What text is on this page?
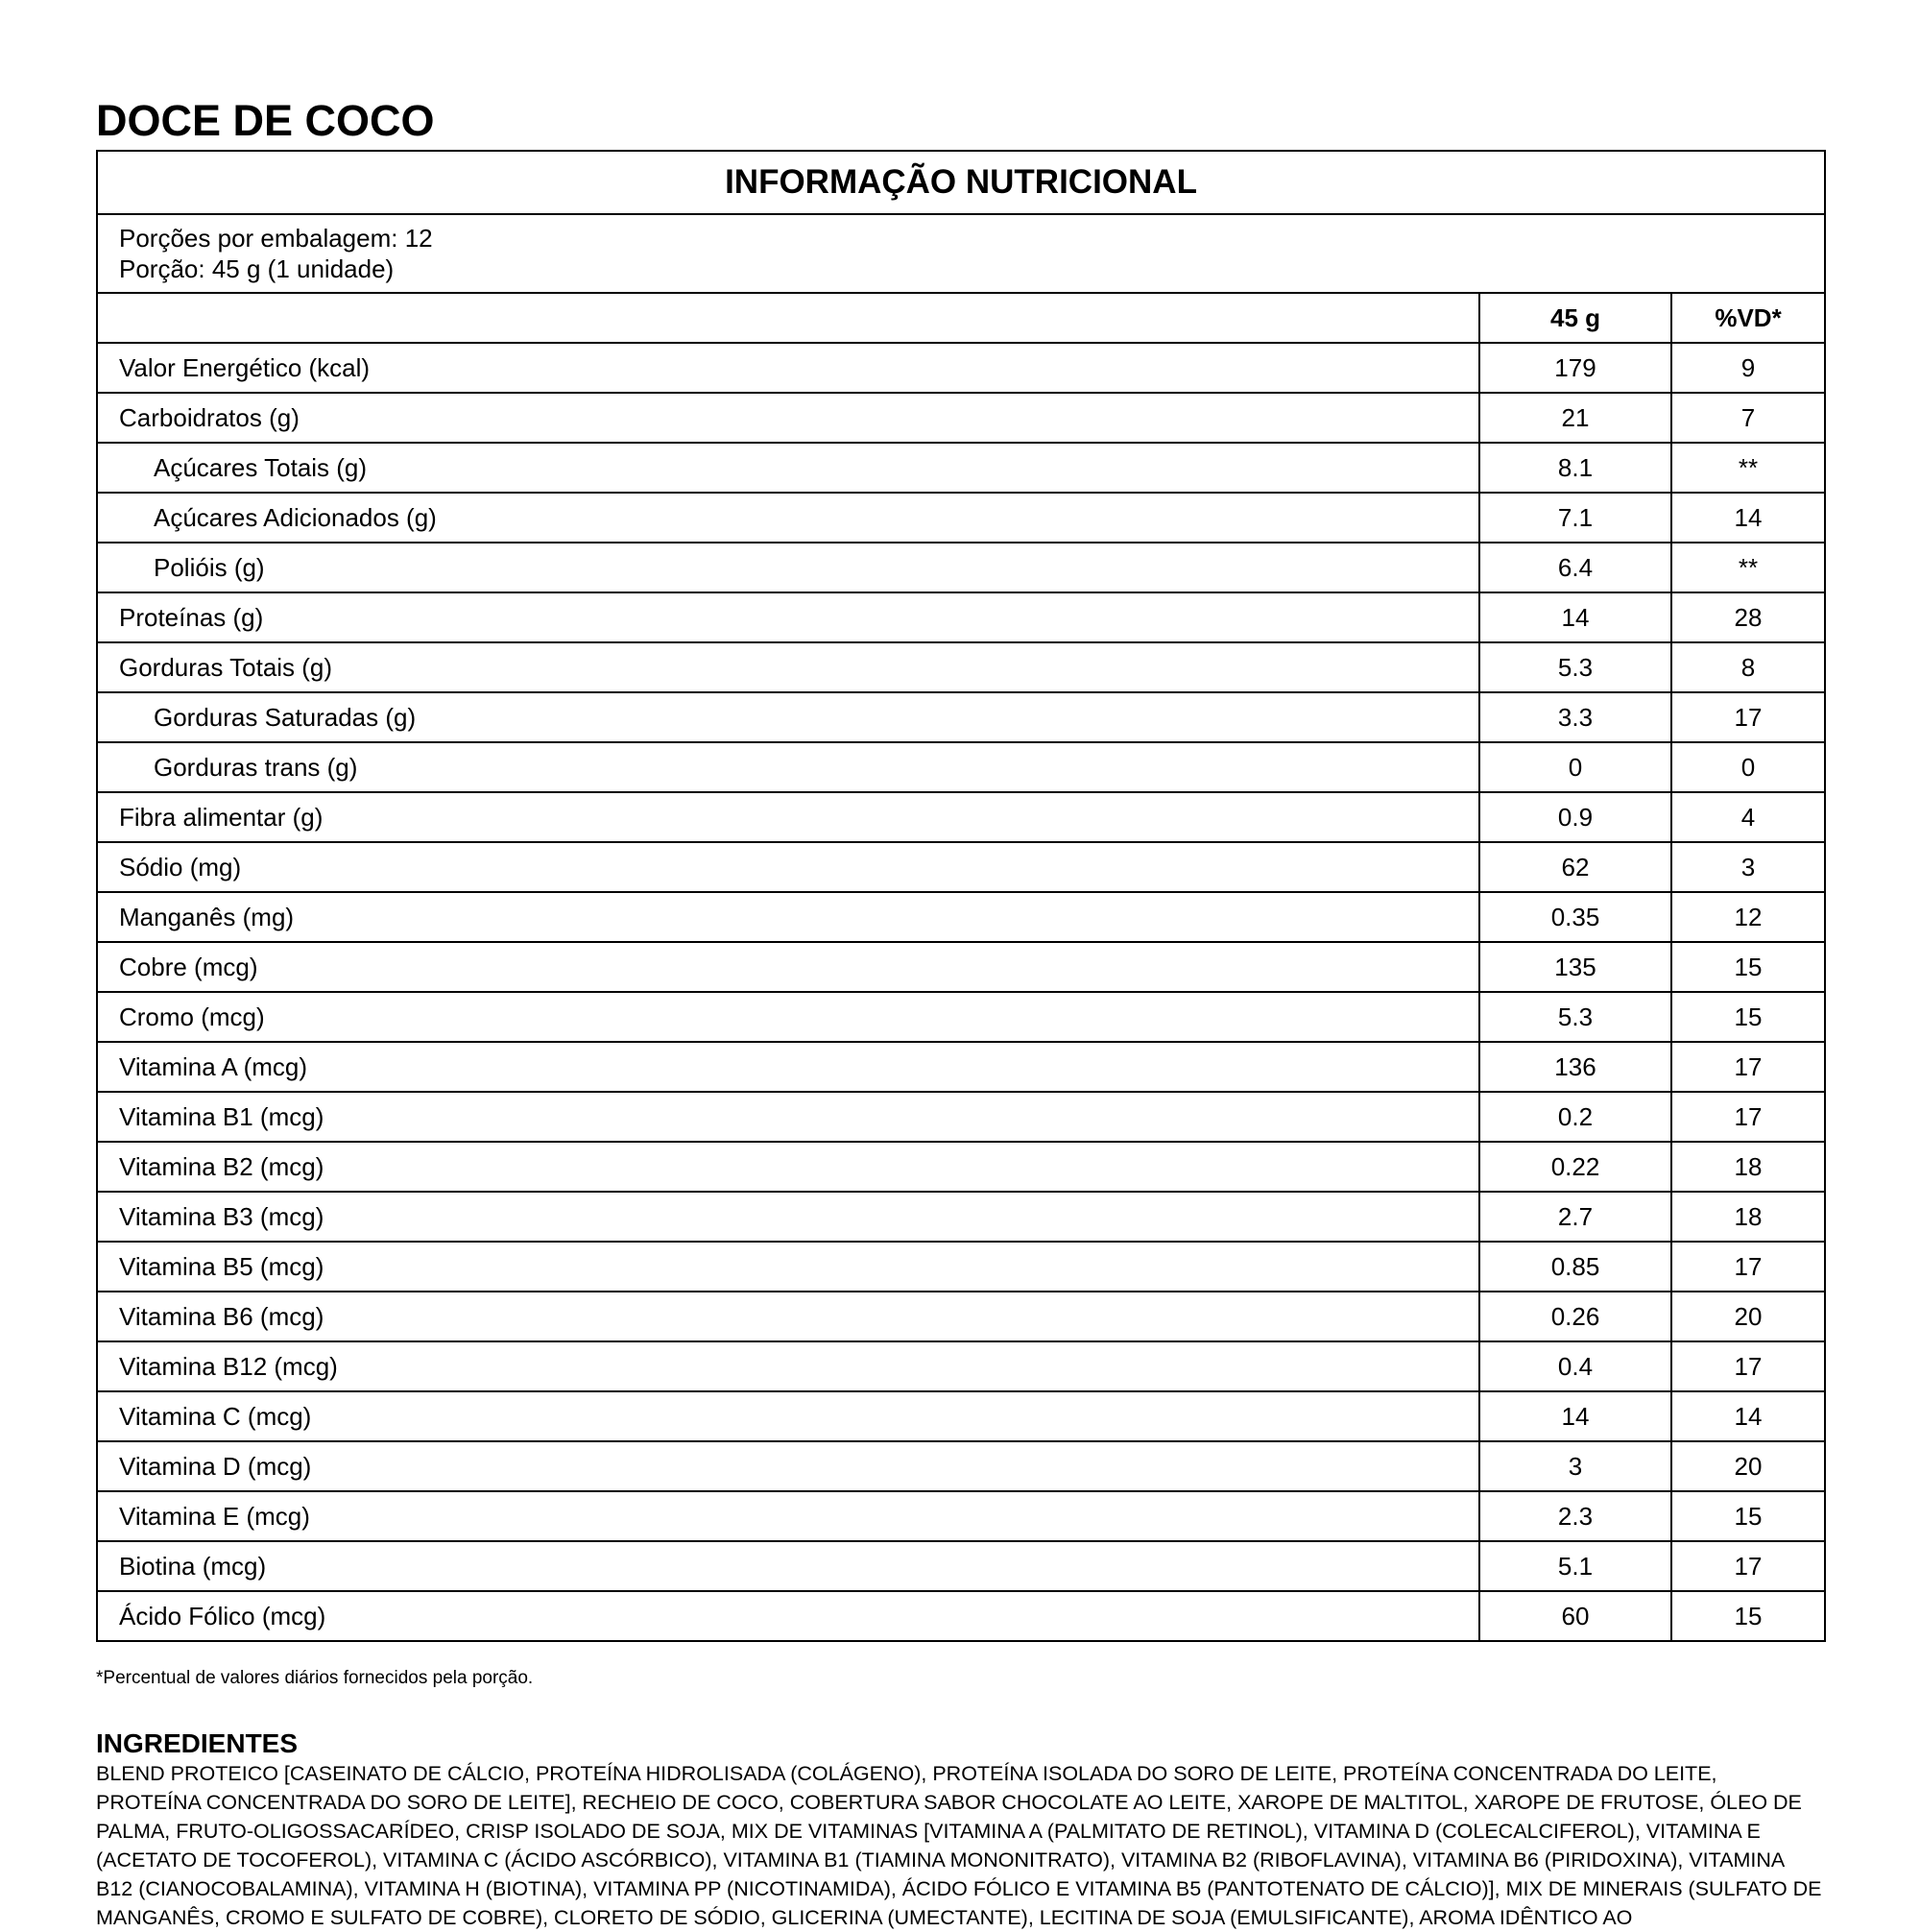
DOCE DE COCO
INFORMAÇÃO NUTRICIONAL		

Porções por embalagem: 12
Porção: 45 g (1 unidade)		

	45 g	%VD*
Valor Energético (kcal)	179	9
Carboidratos (g)	21	7
Açúcares Totais (g)	8.1	**
Açúcares Adicionados (g)	7.1	14
Polióis (g)	6.4	**
Proteínas (g)	14	28
Gorduras Totais (g)	5.3	8
Gorduras Saturadas (g)	3.3	17
Gorduras trans (g)	0	0
Fibra alimentar (g)	0.9	4
Sódio (mg)	62	3
Manganês (mg)	0.35	12
Cobre (mcg)	135	15
Cromo (mcg)	5.3	15
Vitamina A (mcg)	136	17
Vitamina B1 (mcg)	0.2	17
Vitamina B2 (mcg)	0.22	18
Vitamina B3 (mcg)	2.7	18
Vitamina B5 (mcg)	0.85	17
Vitamina B6 (mcg)	0.26	20
Vitamina B12 (mcg)	0.4	17
Vitamina C (mcg)	14	14
Vitamina D (mcg)	3	20
Vitamina E (mcg)	2.3	15
Biotina (mcg)	5.1	17
Ácido Fólico (mcg)	60	15
*Percentual de valores diários fornecidos pela porção.
INGREDIENTES
BLEND PROTEICO [CASEINATO DE CÁLCIO, PROTEÍNA HIDROLISADA (COLÁGENO), PROTEÍNA ISOLADA DO SORO DE LEITE, PROTEÍNA CONCENTRADA DO LEITE, PROTEÍNA CONCENTRADA DO SORO DE LEITE], RECHEIO DE COCO, COBERTURA SABOR CHOCOLATE AO LEITE, XAROPE DE MALTITOL, XAROPE DE FRUTOSE, ÓLEO DE PALMA, FRUTO-OLIGOSSACARÍDEO, CRISP ISOLADO DE SOJA, MIX DE VITAMINAS [VITAMINA A (PALMITATO DE RETINOL), VITAMINA D (COLECALCIFEROL), VITAMINA E (ACETATO DE TOCOFEROL), VITAMINA C (ÁCIDO ASCÓRBICO), VITAMINA B1 (TIAMINA MONONITRATO), VITAMINA B2 (RIBOFLAVINA), VITAMINA B6 (PIRIDOXINA), VITAMINA B12 (CIANOCOBALAMINA), VITAMINA H (BIOTINA), VITAMINA PP (NICOTINAMIDA), ÁCIDO FÓLICO E VITAMINA B5 (PANTOTENATO DE CÁLCIO)], MIX DE MINERAIS (SULFATO DE MANGANÊS, CROMO E SULFATO DE COBRE), CLORETO DE SÓDIO, GLICERINA (UMECTANTE), LECITINA DE SOJA (EMULSIFICANTE), AROMA IDÊNTICO AO
